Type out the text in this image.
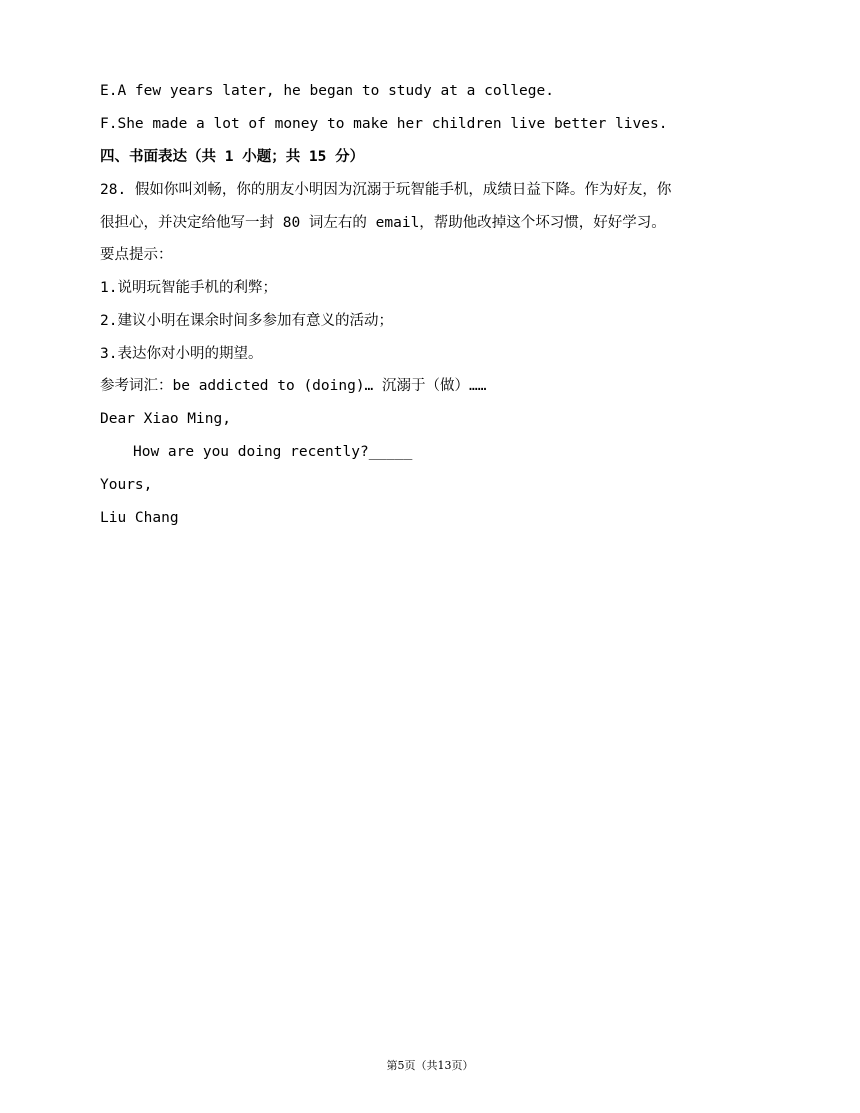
E.A few years later, he began to study at a college.
F.She made a lot of money to make her children live better lives.
四、书面表达（共 1 小题；共 15 分）
28. 假如你叫刘畅，你的朋友小明因为沉溺于玩智能手机，成绩日益下降。作为好友，你
很担心，并决定给他写一封 80 词左右的 email，帮助他改掉这个坏习惯，好好学习。
要点提示：
1.说明玩智能手机的利弊；
2.建议小明在课余时间多参加有意义的活动；
3.表达你对小明的期望。
参考词汇：be addicted to (doing)… 沉溺于（做）……
Dear Xiao Ming,
How are you doing recently?_____
Yours,
Liu Chang
第5页（共13页）
